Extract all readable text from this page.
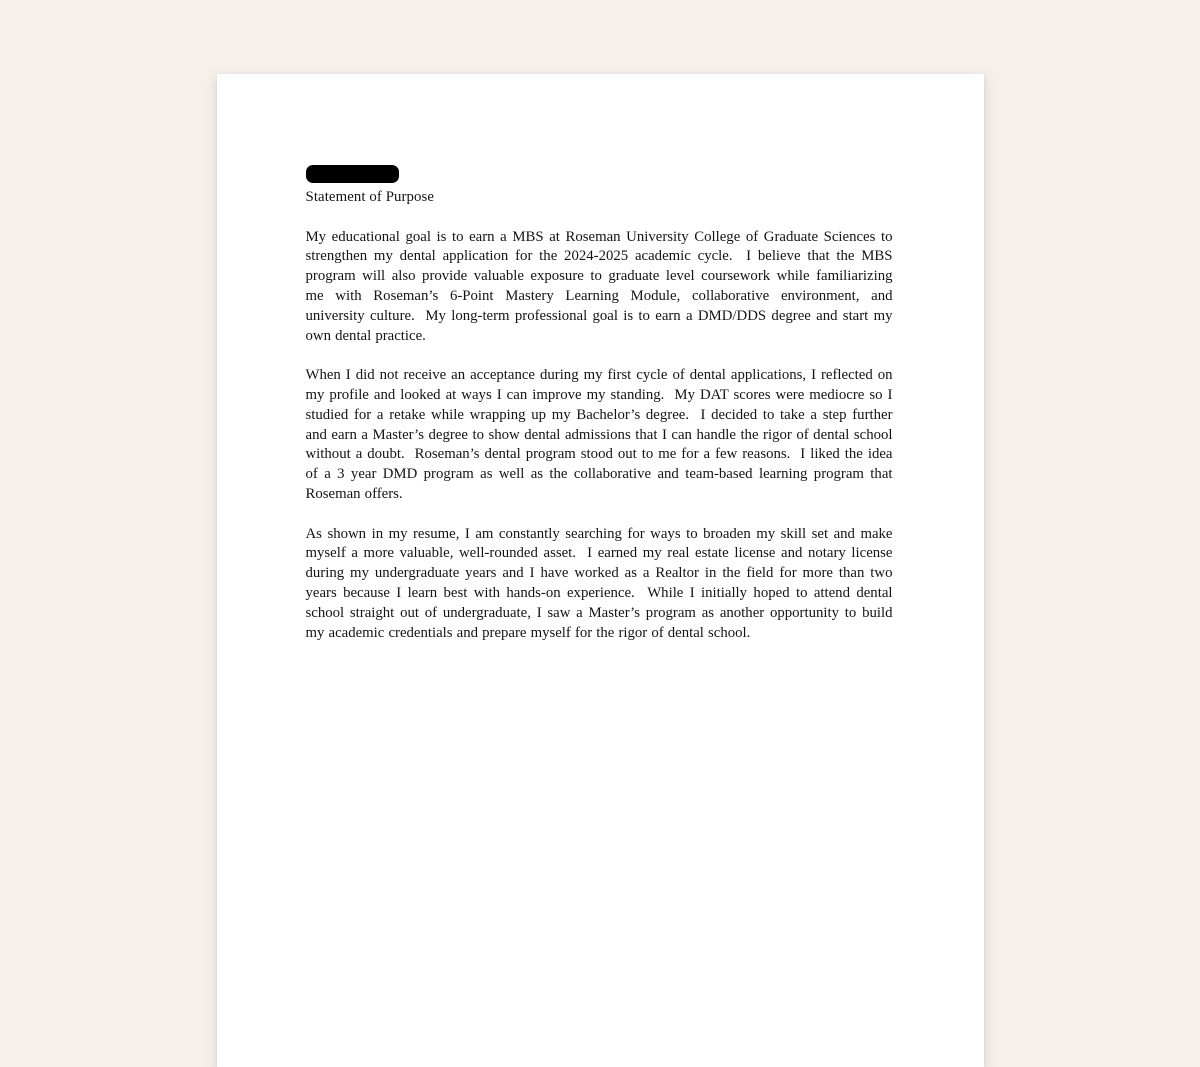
Statement of Purpose
My educational goal is to earn a MBS at Roseman University College of Graduate Sciences to
strengthen my dental application for the 2024-2025 academic cycle.  I believe that the MBS
program will also provide valuable exposure to graduate level coursework while familiarizing
me with Roseman’s 6-Point Mastery Learning Module, collaborative environment, and
university culture.  My long-term professional goal is to earn a DMD/DDS degree and start my
own dental practice.
When I did not receive an acceptance during my first cycle of dental applications, I reflected on
my profile and looked at ways I can improve my standing.  My DAT scores were mediocre so I
studied for a retake while wrapping up my Bachelor’s degree.  I decided to take a step further
and earn a Master’s degree to show dental admissions that I can handle the rigor of dental school
without a doubt.  Roseman’s dental program stood out to me for a few reasons.  I liked the idea
of a 3 year DMD program as well as the collaborative and team-based learning program that
Roseman offers.
As shown in my resume, I am constantly searching for ways to broaden my skill set and make
myself a more valuable, well-rounded asset.  I earned my real estate license and notary license
during my undergraduate years and I have worked as a Realtor in the field for more than two
years because I learn best with hands-on experience.  While I initially hoped to attend dental
school straight out of undergraduate, I saw a Master’s program as another opportunity to build
my academic credentials and prepare myself for the rigor of dental school.
